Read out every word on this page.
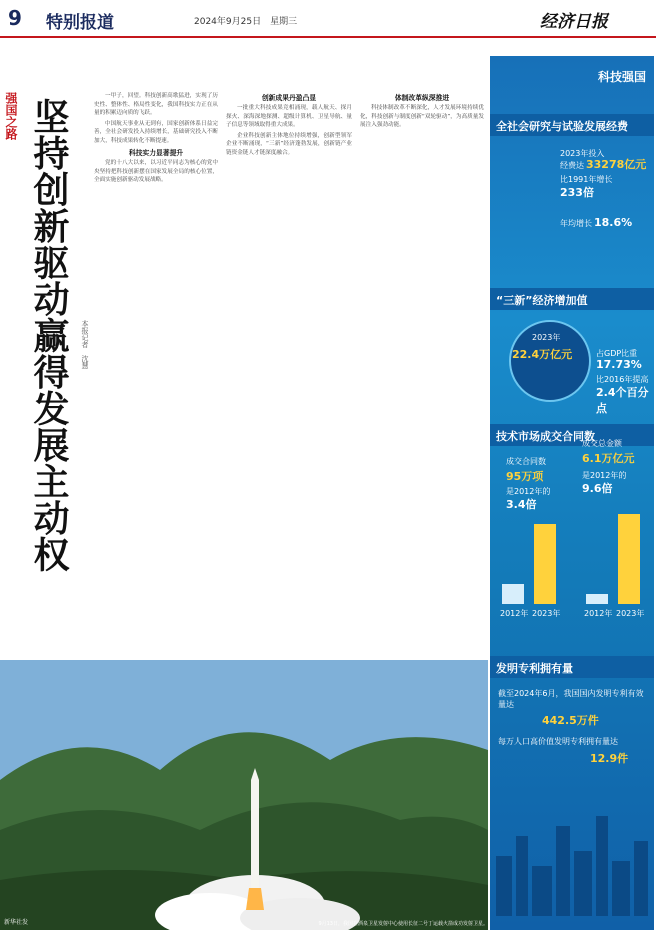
9 特别报道	2024年9月25日　星期三	经济日报
强国之路 坚持创新驱动赢得发展主动权	本报记者　沈慧

一甲子，回望。科技创新高歌猛进，实现了历史性、整体性、格局性变化，我国科技实力正在从量的积累迈向质的飞跃。

中国航天事业从无到有，国家创新体系日益完善，全社会研发投入持续增长，基础研究投入不断加大，科技成果转化不断提速。

科技实力显著提升

党的十八大以来，以习近平同志为核心的党中央坚持把科技创新摆在国家发展全局的核心位置，全面实施创新驱动发展战略。

创新成果丹盈凸显

一批重大科技成果竞相涌现，载人航天、探月探火、深海深地探测、超级计算机、卫星导航、量子信息等领域取得重大成果。

企业科技创新主体地位持续增强，创新型领军企业不断涌现，“三新”经济蓬勃发展，创新链产业链资金链人才链深度融合。

体制改革纵深推进

科技体制改革不断深化，人才发展环境持续优化，科技创新与制度创新“双轮驱动”，为高质量发展注入强劲动能。

新华社发	9月13日，我国在酒泉卫星发射中心使用长征二号丁运载火箭成功发射卫星。
科技强国
全社会研究与试验发展经费
2023年投入
经费达 33278亿元
比1991年增长
233倍
年均增长 18.6%
“三新”经济增加值
2023年
22.4万亿元	占GDP比重
17.73%
比2016年提高
2.4个百分点
技术市场成交合同数
成交合同数
95万项
是2012年的
3.4倍
成交总金额
6.1万亿元
是2012年的
9.6倍
2012年 2023年	2012年 2023年
发明专利拥有量
截至2024年6月，我国国内发明专利有效量达
442.5万件
每万人口高价值发明专利拥有量达
12.9件
